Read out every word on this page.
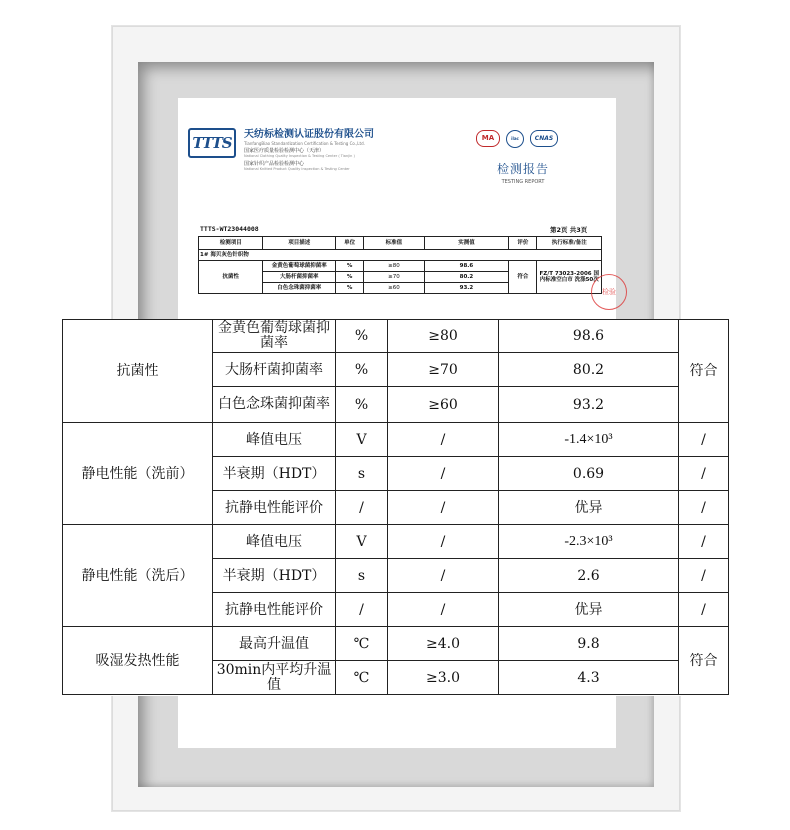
TTTS	天纺标检测认证股份有限公司
TianfangBiao Standardization Certification & Testing Co.,Ltd.
国家医疗质量检验检测中心（天津）
National Clothing Quality Inspection & Testing Center ( Tianjin )
国家针织产品检验检测中心
National Knitted Product Quality Inspection & Testing Center
MA	ilac	CNAS
检测报告
TESTING REPORT
TTTS-WT23044008	第2页 共3页
检测项目	项目描述	单位	标准值	实测值	评价	执行标准/备注
1# 海贝灰色针织物						
抗菌性	金黄色葡萄球菌抑菌率	%	≥80	98.6	符合	FZ/T 73023-2006 国内标准空白市 洗涤50次
	大肠杆菌抑菌率	%	≥70	80.2		
	白色念珠菌抑菌率	%	≥60	93.2			检验
抗菌性	金黄色葡萄球菌抑菌率	%	≥80	98.6	符合
	大肠杆菌抑菌率	%	≥70	80.2	
	白色念珠菌抑菌率	%	≥60	93.2	
静电性能（洗前）	峰值电压	V	/	-1.4×10³	/
	半衰期（HDT）	s	/	0.69	/
	抗静电性能评价	/	/	优异	/
静电性能（洗后）	峰值电压	V	/	-2.3×10³	/
	半衰期（HDT）	s	/	2.6	/
	抗静电性能评价	/	/	优异	/
吸湿发热性能	最高升温值	℃	≥4.0	9.8	符合
	30min内平均升温值	℃	≥3.0	4.3	
